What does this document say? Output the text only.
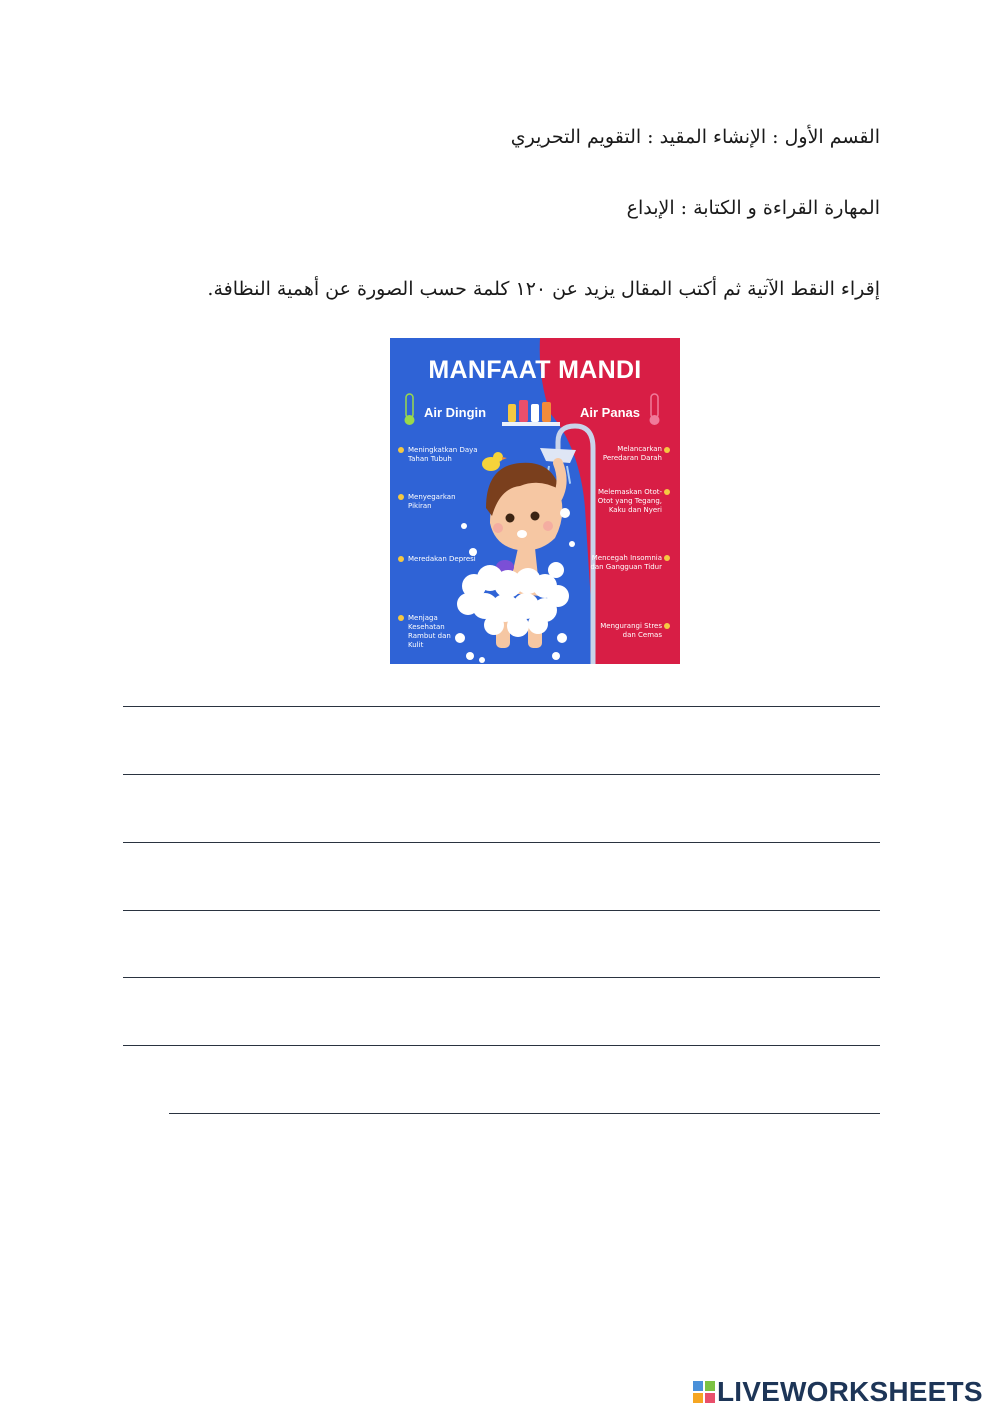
القسم الأول : الإنشاء المقيد : التقويم التحريري
المهارة القراءة و الكتابة : الإبداع
إقراء النقط الآتية ثم أكتب المقال يزيد عن ١٢٠ كلمة حسب الصورة عن أهمية النظافة.
MANFAAT MANDI
Air Dingin	Air Panas
Meningkatkan Daya Tahan Tubuh
Menyegarkan Pikiran
Meredakan Depresi
Menjaga Kesehatan Rambut dan Kulit
Melancarkan Peredaran Darah
Melemaskan Otot-Otot yang Tegang, Kaku dan Nyeri
Mencegah Insomnia dan Gangguan Tidur
Mengurangi Stres dan Cemas
LIVEWORKSHEETS
